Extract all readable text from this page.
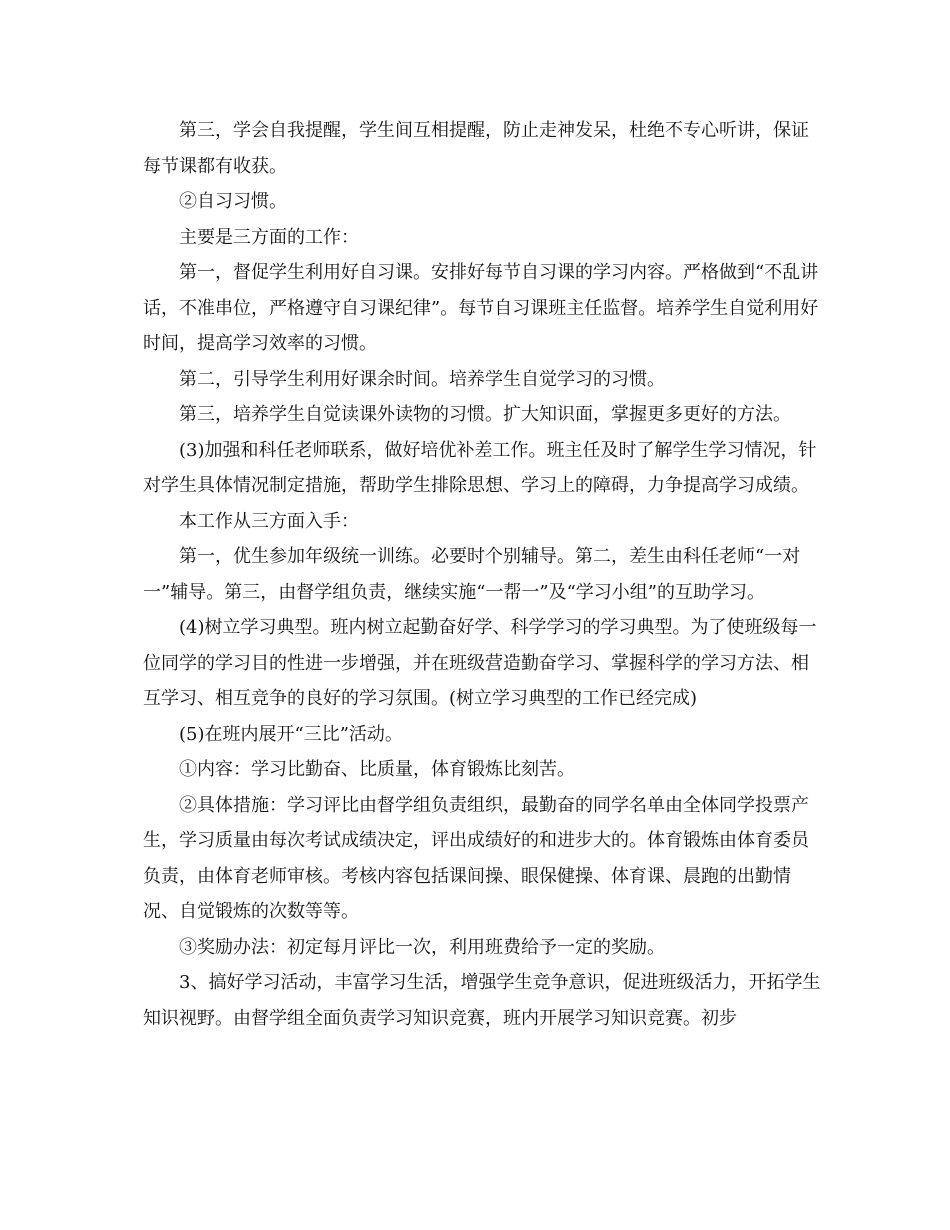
第三，学会自我提醒，学生间互相提醒，防止走神发呆，杜绝不专心听讲，保证每节课都有收获。

②自习习惯。

主要是三方面的工作：

第一，督促学生利用好自习课。安排好每节自习课的学习内容。严格做到“不乱讲话，不准串位，严格遵守自习课纪律”。每节自习课班主任监督。培养学生自觉利用好时间，提高学习效率的习惯。

第二，引导学生利用好课余时间。培养学生自觉学习的习惯。

第三，培养学生自觉读课外读物的习惯。扩大知识面，掌握更多更好的方法。

(3)加强和科任老师联系，做好培优补差工作。班主任及时了解学生学习情况，针对学生具体情况制定措施，帮助学生排除思想、学习上的障碍，力争提高学习成绩。

本工作从三方面入手：

第一，优生参加年级统一训练。必要时个别辅导。第二，差生由科任老师“一对一”辅导。第三，由督学组负责，继续实施“一帮一”及“学习小组”的互助学习。

(4)树立学习典型。班内树立起勤奋好学、科学学习的学习典型。为了使班级每一位同学的学习目的性进一步增强，并在班级营造勤奋学习、掌握科学的学习方法、相互学习、相互竞争的良好的学习氛围。(树立学习典型的工作已经完成)

(5)在班内展开“三比”活动。

①内容：学习比勤奋、比质量，体育锻炼比刻苦。

②具体措施：学习评比由督学组负责组织，最勤奋的同学名单由全体同学投票产生，学习质量由每次考试成绩决定，评出成绩好的和进步大的。体育锻炼由体育委员负责，由体育老师审核。考核内容包括课间操、眼保健操、体育课、晨跑的出勤情况、自觉锻炼的次数等等。

③奖励办法：初定每月评比一次，利用班费给予一定的奖励。

3、搞好学习活动，丰富学习生活，增强学生竞争意识，促进班级活力，开拓学生知识视野。由督学组全面负责学习知识竞赛，班内开展学习知识竞赛。初步
